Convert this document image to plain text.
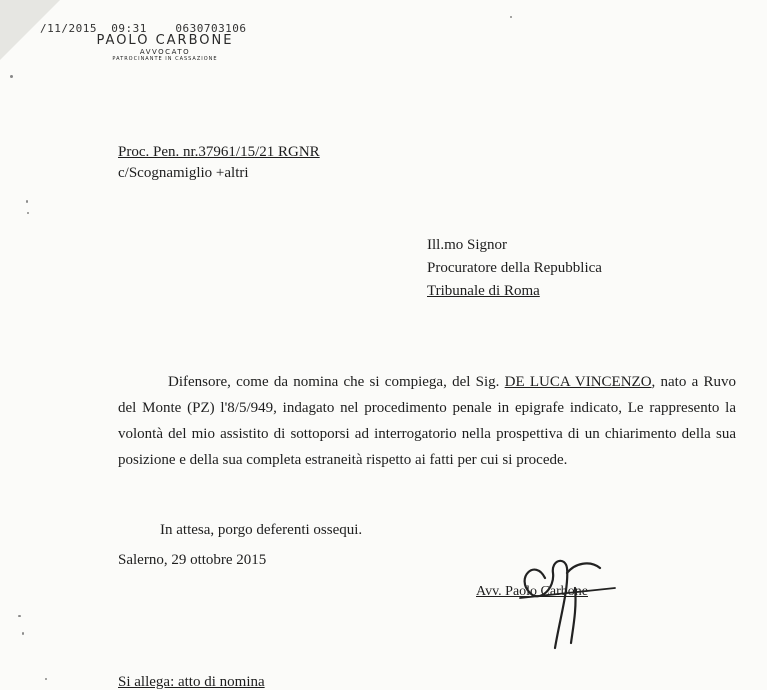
/11/2015  09:31    0630703106
PAOLO CARBONE
AVVOCATO
PATROCINANTE IN CASSAZIONE
Proc. Pen. nr.37961/15/21 RGNR
c/Scognamiglio +altri
Ill.mo Signor
Procuratore della Repubblica
Tribunale di Roma

Difensore, come da nomina che si compiega, del Sig. DE LUCA VINCENZO, nato a Ruvo del Monte (PZ) l'8/5/949, indagato nel procedimento penale in epigrafe indicato, Le rappresento la volontà del mio assistito di sottoporsi ad interrogatorio nella prospettiva di un chiarimento della sua posizione e della sua completa estraneità rispetto ai fatti per cui si procede.

In attesa, porgo deferenti ossequi.
Salerno, 29 ottobre 2015
Avv. Paolo Carbone
Si allega: atto di nomina
